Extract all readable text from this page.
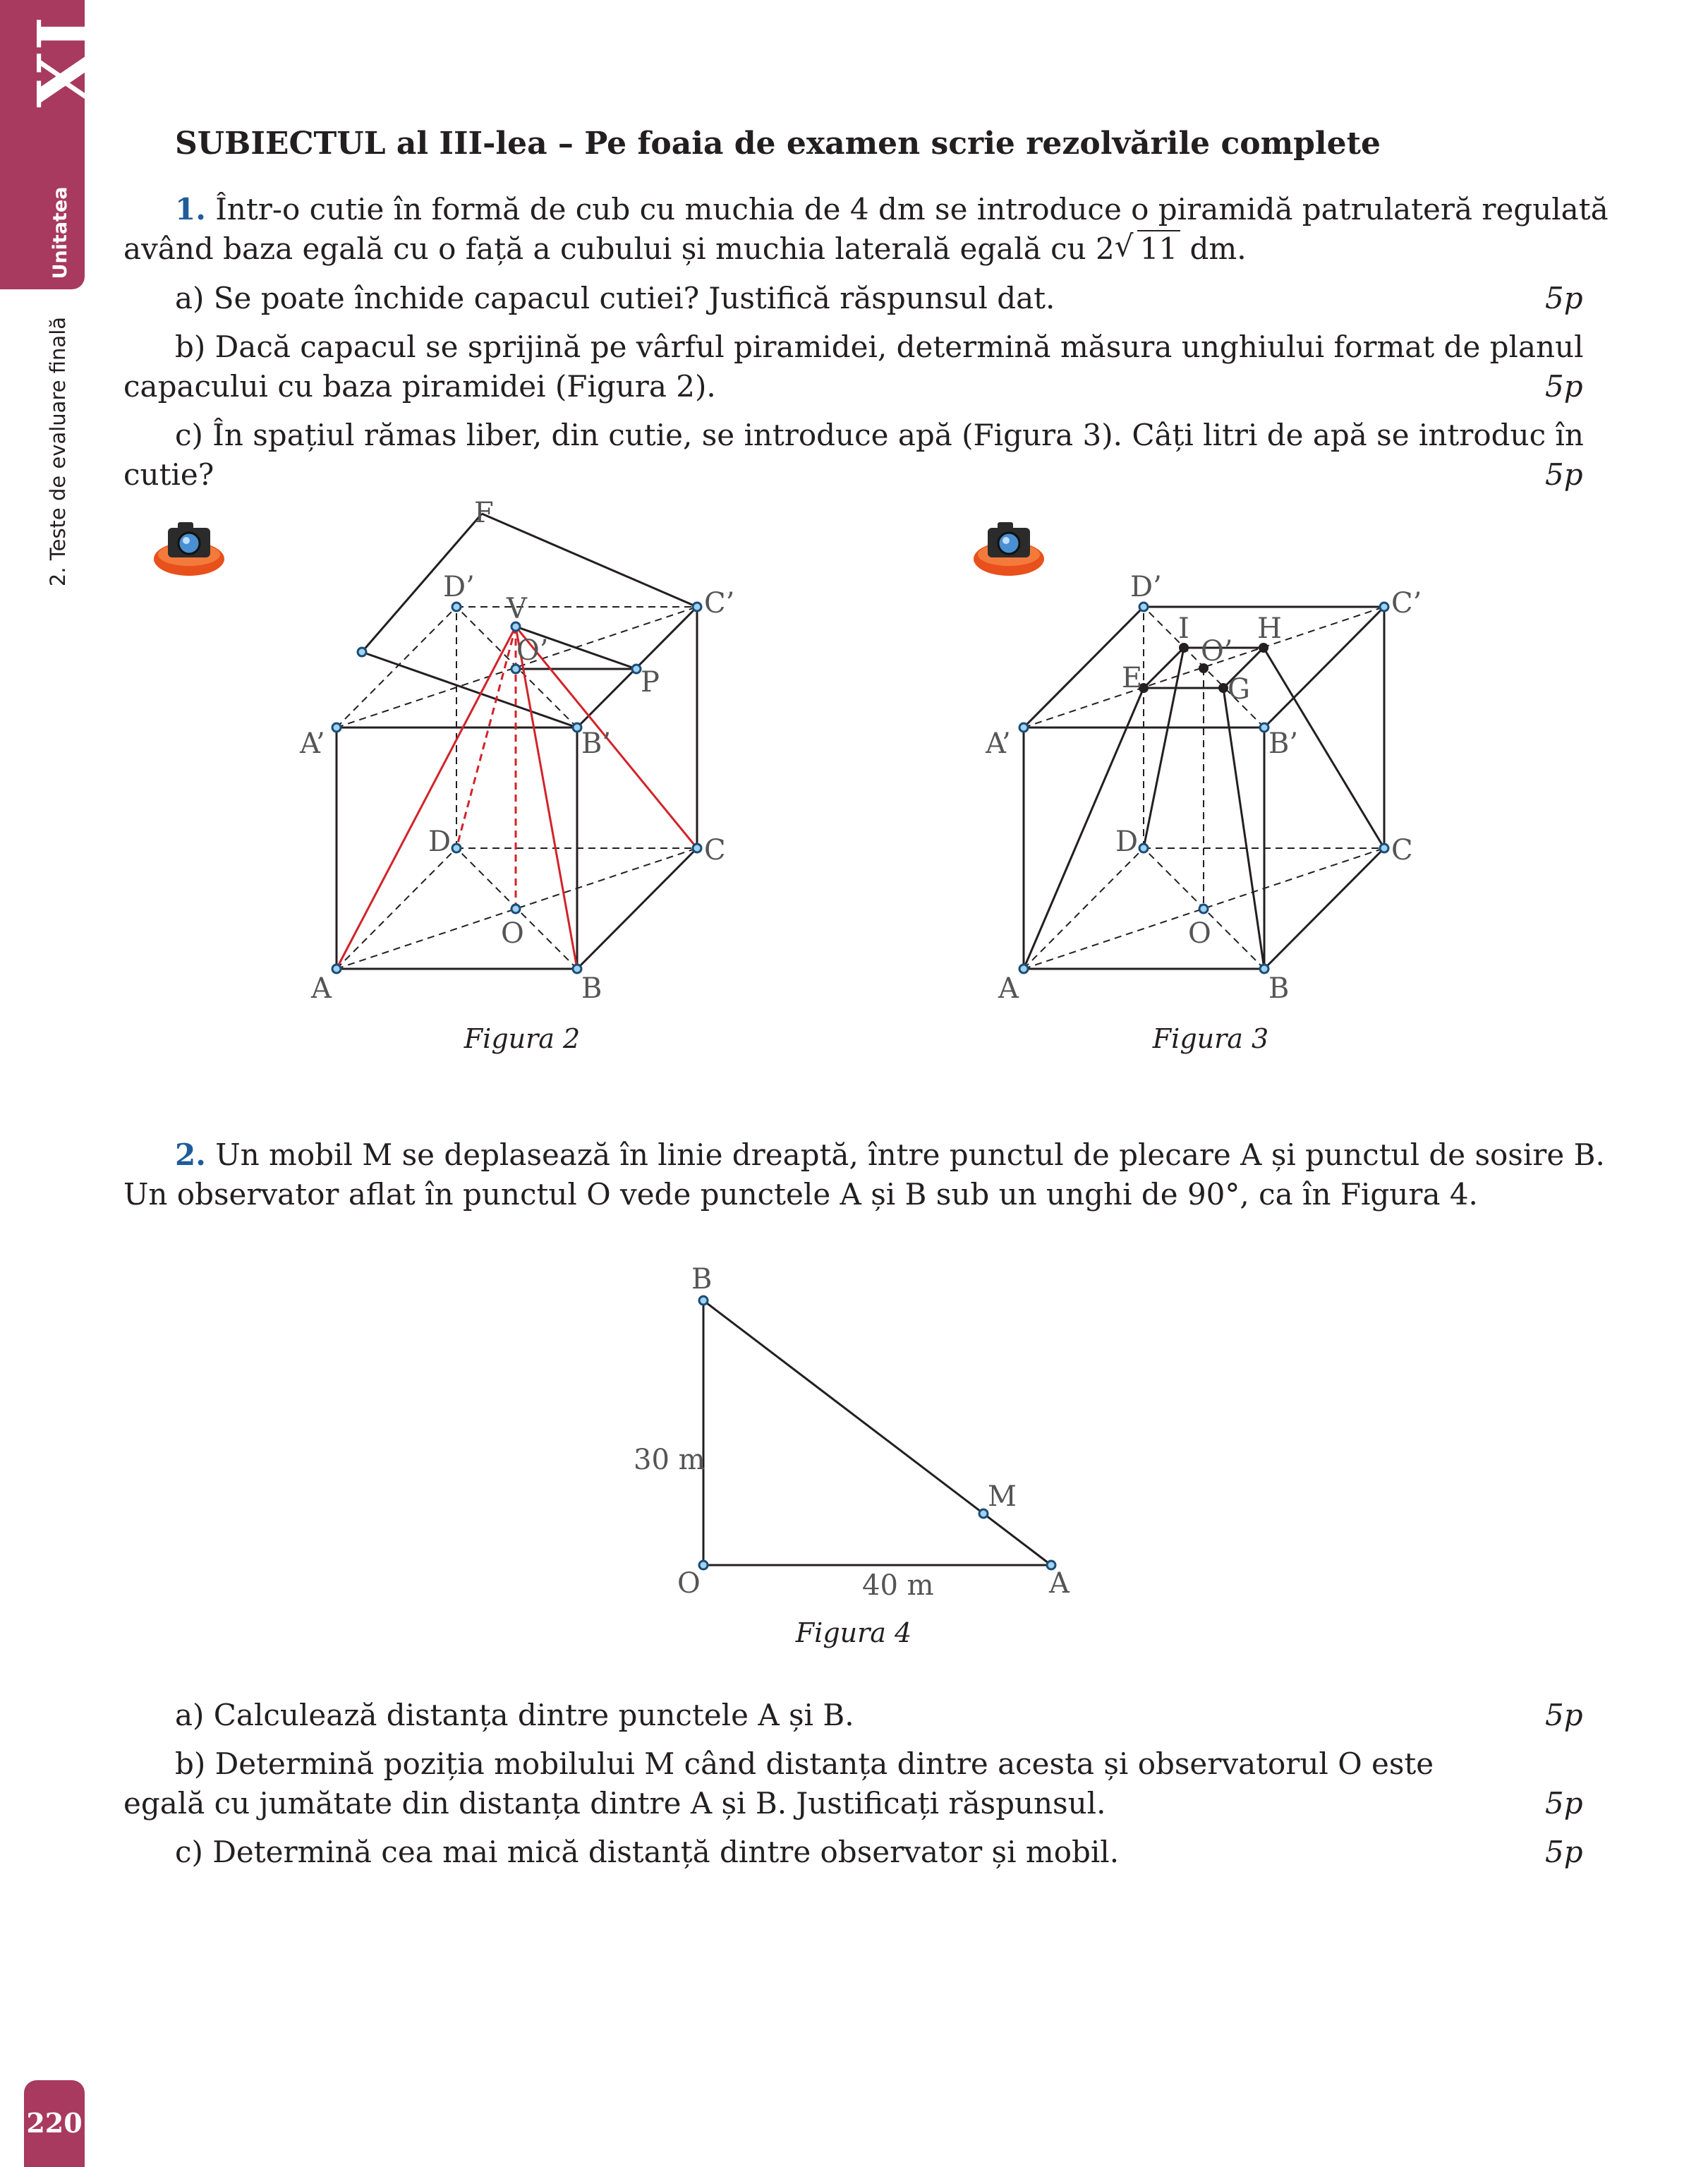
XI
Unitatea
2. Teste de evaluare finală
220
SUBIECTUL al III-lea – Pe foaia de examen scrie rezolvările complete
1. Într-o cutie în formă de cub cu muchia de 4 dm se introduce o piramidă patrulateră regulată
având baza egală cu o față a cubului și muchia laterală egală cu 2 √ 11 dm.
a) Se poate închide capacul cutiei? Justifică răspunsul dat.	5p
b) Dacă capacul se sprijină pe vârful piramidei, determină măsura unghiului format de planul
capacului cu baza piramidei (Figura 2).	5p
c) În spațiul rămas liber, din cutie, se introduce apă (Figura 3). Câți litri de apă se introduc în
cutie?	5p
F
D’
V	C’
O’
P
A’	B’
D	C
O
A	B
Figura 2
D’	C’
I H
O’
E	G
A’	B’
D	C
O
A	B
Figura 3
2. Un mobil M se deplasează în linie dreaptă, între punctul de plecare A și punctul de sosire B.
Un observator aflat în punctul O vede punctele A și B sub un unghi de 90°, ca în Figura 4.
B
O	A
M
30 m
40 m
Figura 4
a) Calculează distanța dintre punctele A și B.	5p
b) Determină poziția mobilului M când distanța dintre acesta și observatorul O este
egală cu jumătate din distanța dintre A și B. Justificați răspunsul.	5p
c) Determină cea mai mică distanță dintre observator și mobil.	5p
